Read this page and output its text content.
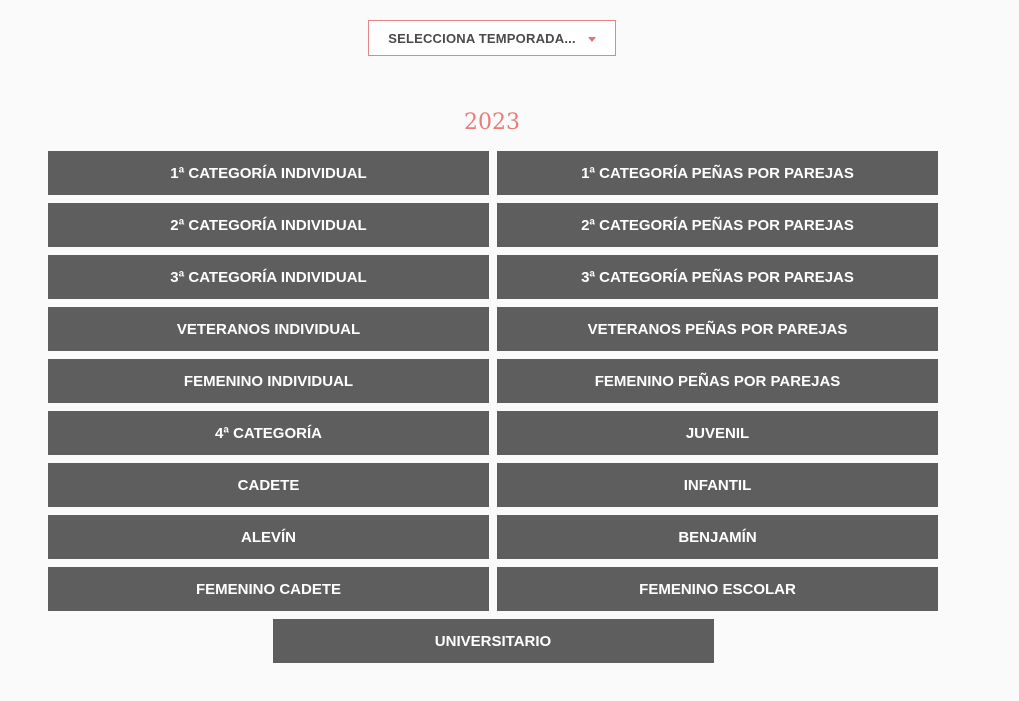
SELECCIONA TEMPORADA...
2023
1ª CATEGORÍA INDIVIDUAL	1ª CATEGORÍA PEÑAS POR PAREJAS
2ª CATEGORÍA INDIVIDUAL	2ª CATEGORÍA PEÑAS POR PAREJAS
3ª CATEGORÍA INDIVIDUAL	3ª CATEGORÍA PEÑAS POR PAREJAS
VETERANOS INDIVIDUAL	VETERANOS PEÑAS POR PAREJAS
FEMENINO INDIVIDUAL	FEMENINO PEÑAS POR PAREJAS
4ª CATEGORÍA	JUVENIL
CADETE	INFANTIL
ALEVÍN	BENJAMÍN
FEMENINO CADETE	FEMENINO ESCOLAR
UNIVERSITARIO
